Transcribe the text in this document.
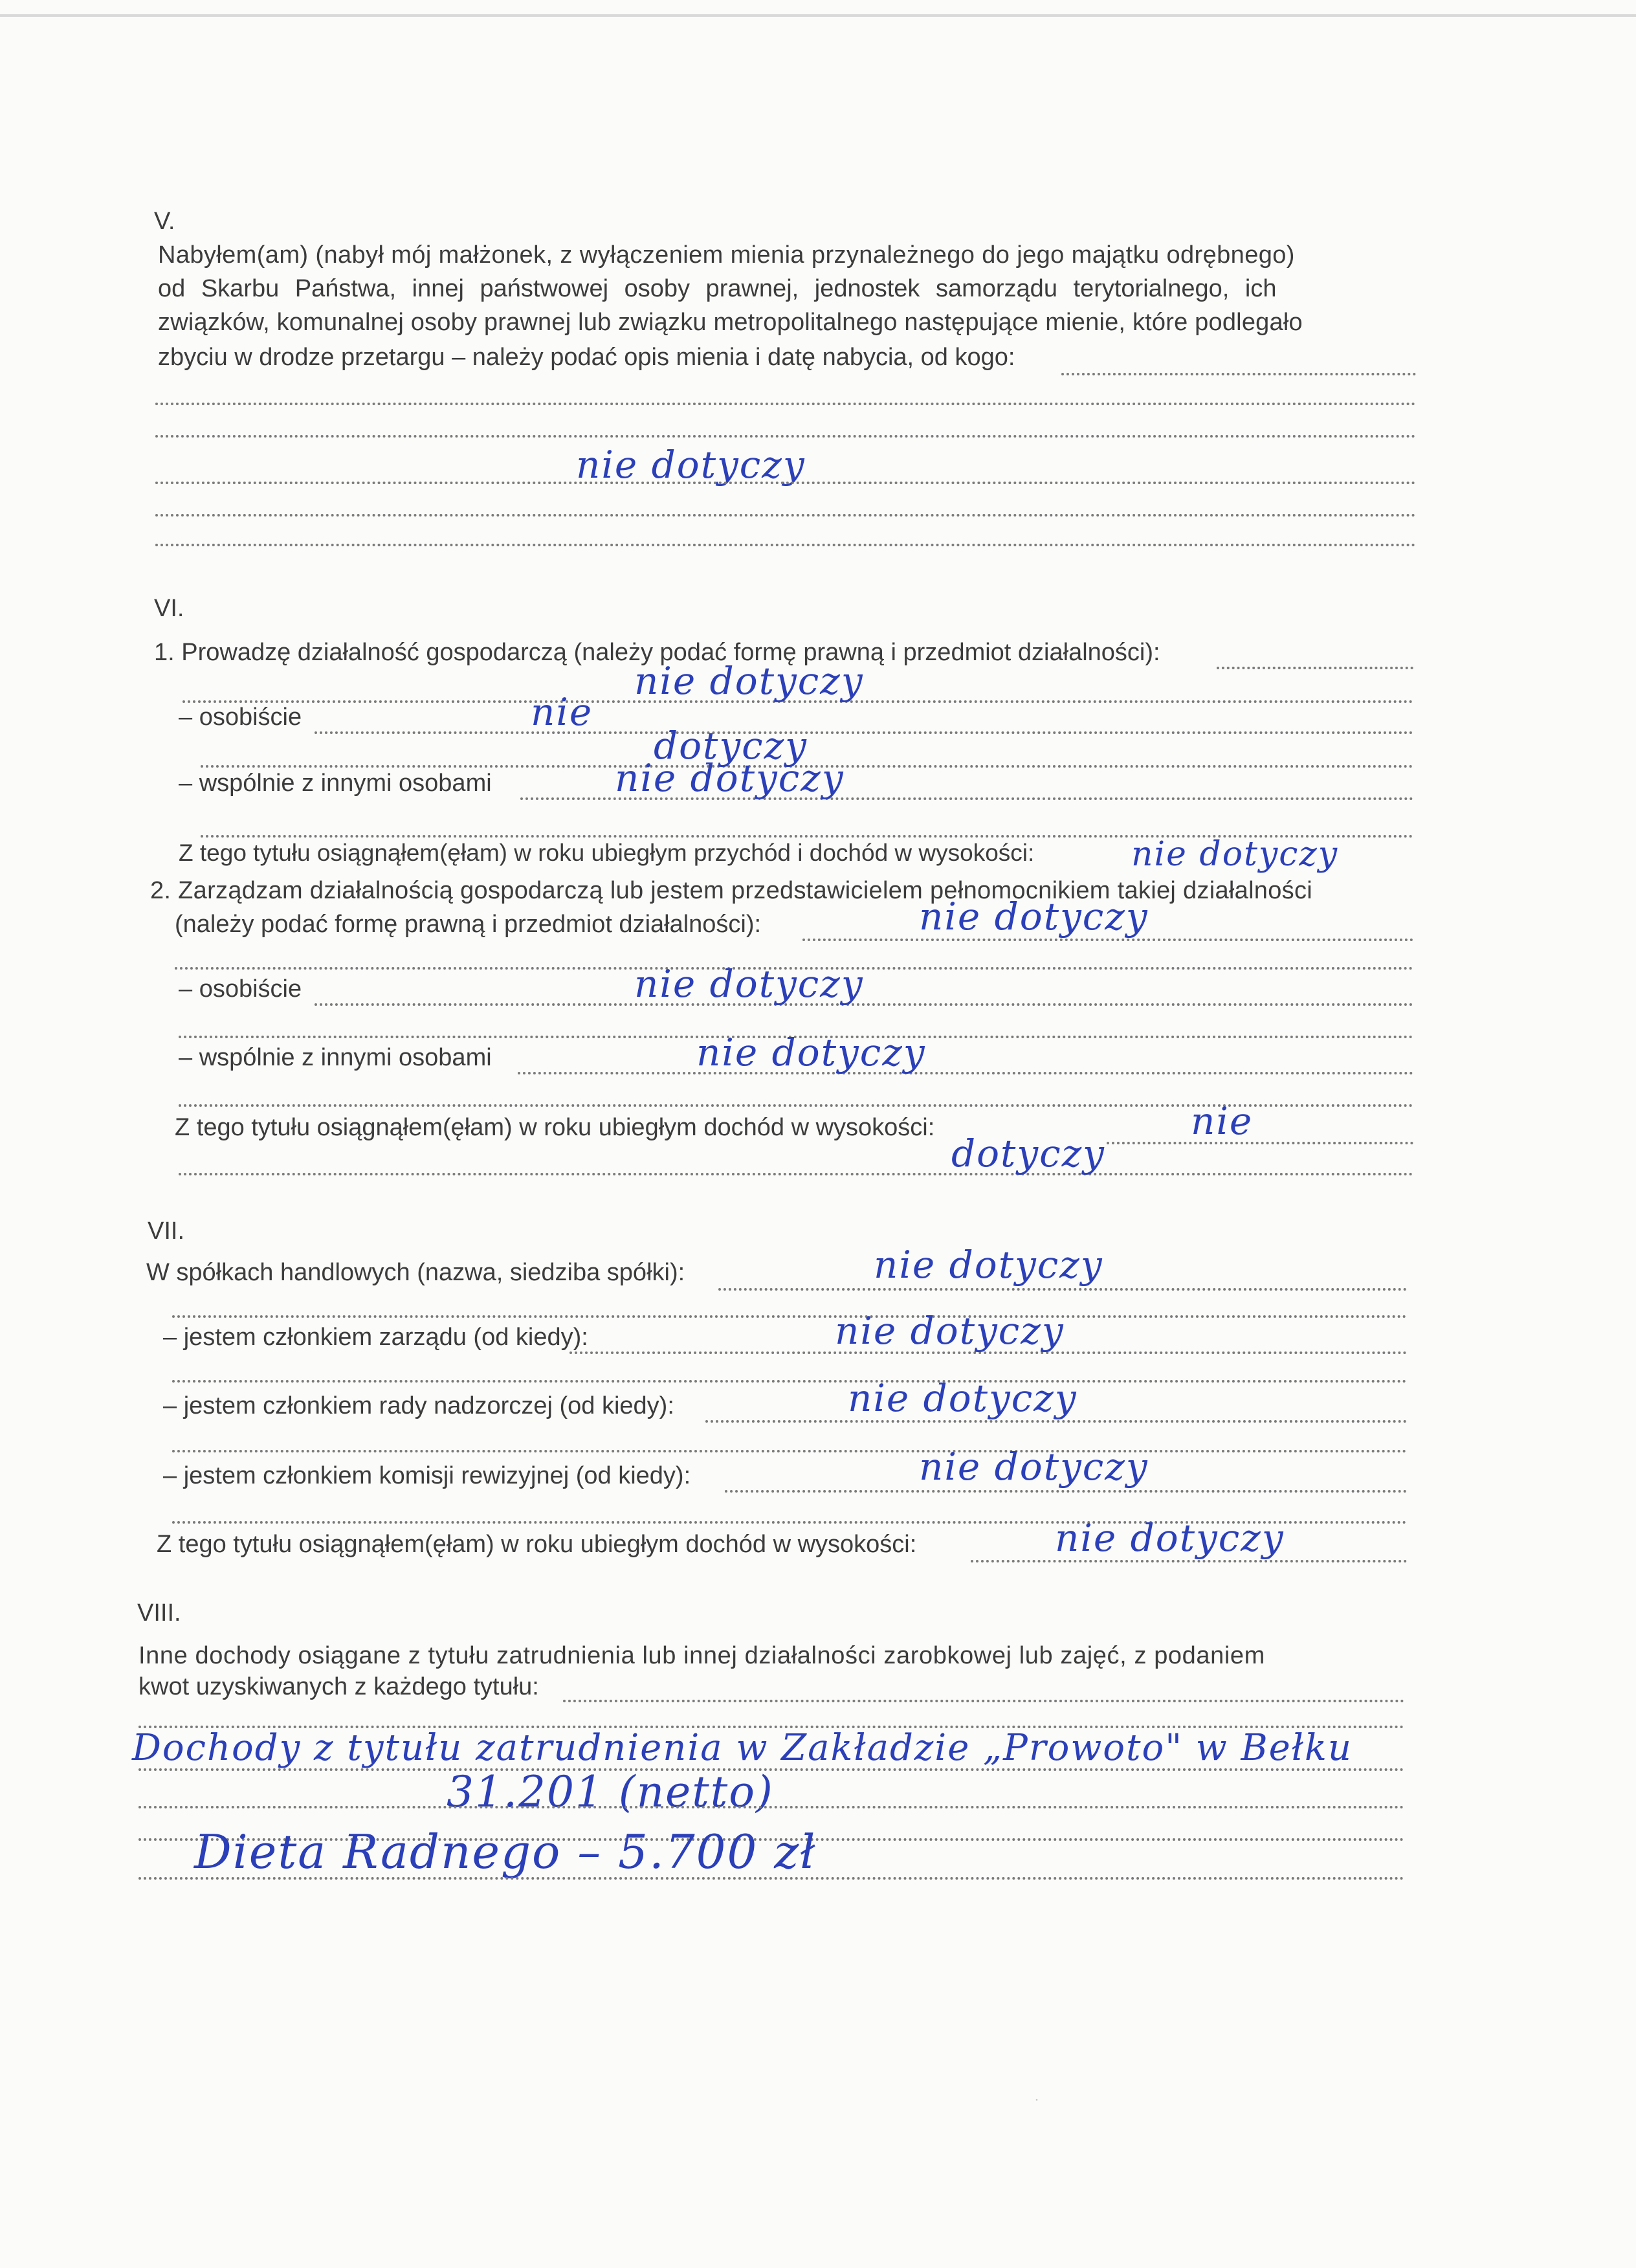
V.
Nabyłem(am) (nabył mój małżonek, z wyłączeniem mienia przynależnego do jego majątku odrębnego)
od Skarbu Państwa, innej państwowej osoby prawnej, jednostek samorządu terytorialnego, ich
związków, komunalnej osoby prawnej lub związku metropolitalnego następujące mienie, które podlegało
zbyciu w drodze przetargu – należy podać opis mienia i datę nabycia, od kogo:
nie dotyczy
VI.
1. Prowadzę działalność gospodarczą (należy podać formę prawną i przedmiot działalności):
nie dotyczy
– osobiście	nie
dotyczy
– wspólnie z innymi osobami	nie dotyczy
Z tego tytułu osiągnąłem(ęłam) w roku ubiegłym przychód i dochód w wysokości:	nie dotyczy
2. Zarządzam działalnością gospodarczą lub jestem przedstawicielem pełnomocnikiem takiej działalności
(należy podać formę prawną i przedmiot działalności):	nie dotyczy
– osobiście	nie dotyczy
– wspólnie z innymi osobami	nie dotyczy
Z tego tytułu osiągnąłem(ęłam) w roku ubiegłym dochód w wysokości:	nie
dotyczy
VII.
W spółkach handlowych (nazwa, siedziba spółki):	nie dotyczy
– jestem członkiem zarządu (od kiedy):	nie dotyczy
– jestem członkiem rady nadzorczej (od kiedy):	nie dotyczy
– jestem członkiem komisji rewizyjnej (od kiedy):	nie dotyczy
Z tego tytułu osiągnąłem(ęłam) w roku ubiegłym dochód w wysokości:	nie dotyczy
VIII.
Inne dochody osiągane z tytułu zatrudnienia lub innej działalności zarobkowej lub zajęć, z podaniem
kwot uzyskiwanych z każdego tytułu:
Dochody z tytułu zatrudnienia w Zakładzie „Prowoto" w Bełku
31.201 (netto)
Dieta Radnego – 5.700 zł
·
